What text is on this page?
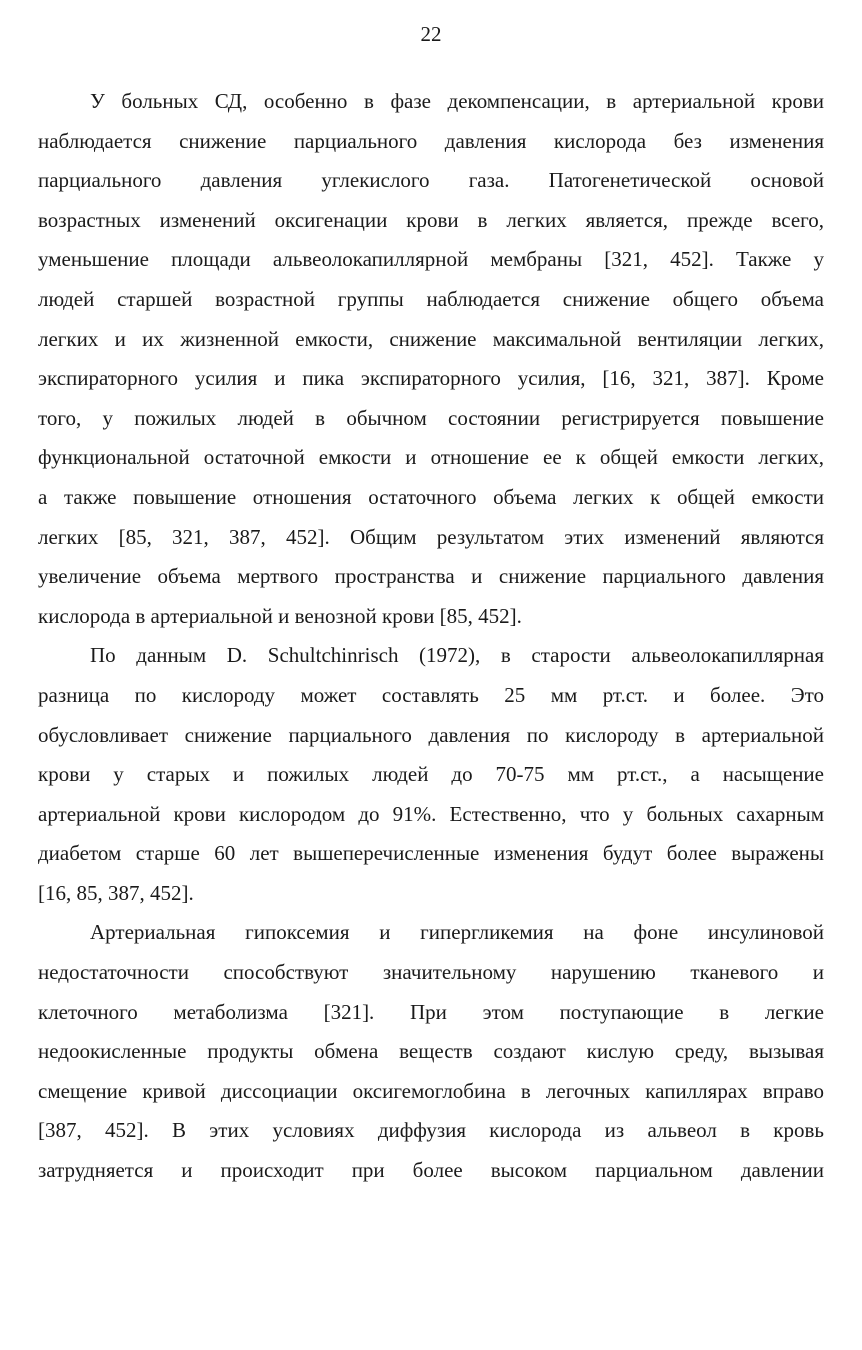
22
У больных СД, особенно в фазе декомпенсации, в артериальной крови
наблюдается снижение парциального давления кислорода без изменения
парциального давления углекислого газа. Патогенетической основой
возрастных изменений оксигенации крови в легких является, прежде всего,
уменьшение площади альвеолокапиллярной мембраны [321, 452]. Также у
людей старшей возрастной группы наблюдается снижение общего объема
легких и их жизненной емкости, снижение максимальной вентиляции легких,
экспираторного усилия и пика экспираторного усилия, [16, 321, 387]. Кроме
того, у пожилых людей в обычном состоянии регистрируется повышение
функциональной остаточной емкости и отношение ее к общей емкости легких,
а также повышение отношения остаточного объема легких к общей емкости
легких [85, 321, 387, 452]. Общим результатом этих изменений являются
увеличение объема мертвого пространства и снижение парциального давления
кислорода в артериальной и венозной крови [85, 452].
По данным D. Schultchinrisch (1972), в старости альвеолокапиллярная
разница по кислороду может составлять 25 мм рт.ст. и более. Это
обусловливает снижение парциального давления по кислороду в артериальной
крови у старых и пожилых людей до 70-75 мм рт.ст., а насыщение
артериальной крови кислородом до 91%. Естественно, что у больных сахарным
диабетом старше 60 лет вышеперечисленные изменения будут более выражены
[16, 85, 387, 452].
Артериальная гипоксемия и гипергликемия на фоне инсулиновой
недостаточности способствуют значительному нарушению тканевого и
клеточного метаболизма [321]. При этом поступающие в легкие
недоокисленные продукты обмена веществ создают кислую среду, вызывая
смещение кривой диссоциации оксигемоглобина в легочных капиллярах вправо
[387, 452]. В этих условиях диффузия кислорода из альвеол в кровь
затрудняется и происходит при более высоком парциальном давлении
